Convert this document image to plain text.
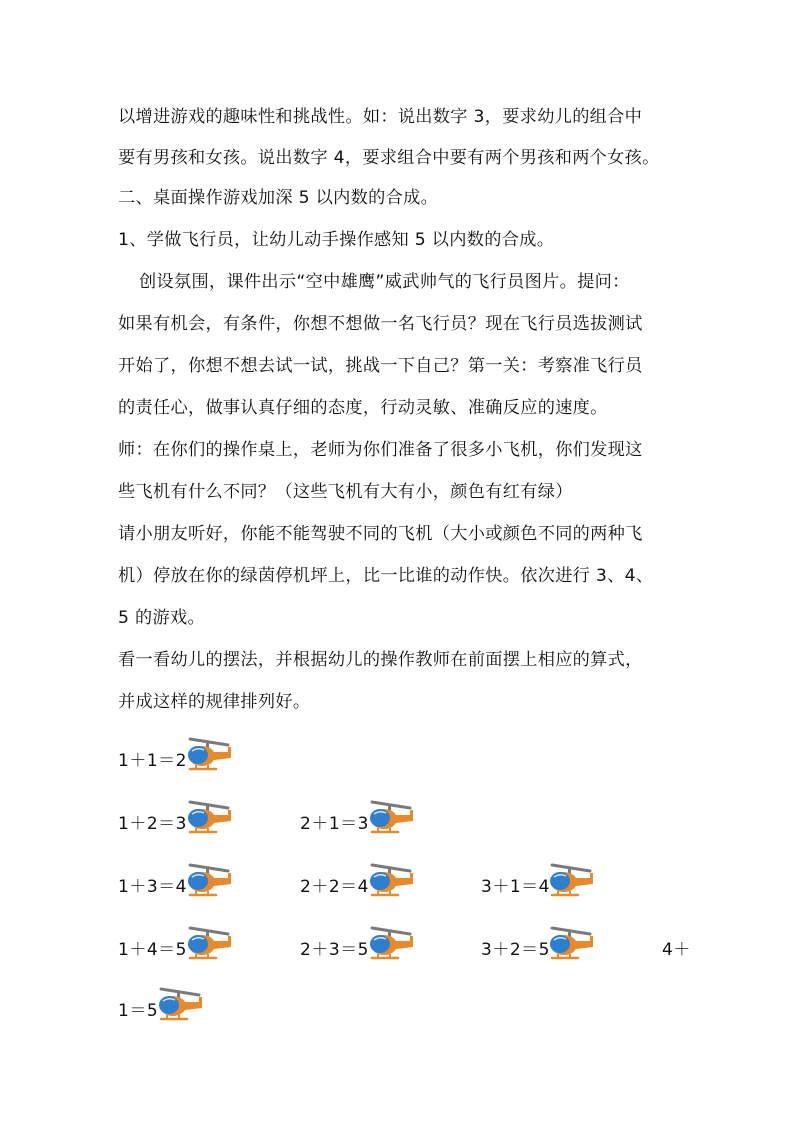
以增进游戏的趣味性和挑战性。如：说出数字 3，要求幼儿的组合中
要有男孩和女孩。说出数字 4，要求组合中要有两个男孩和两个女孩。
二、桌面操作游戏加深 5 以内数的合成。
1、学做飞行员，让幼儿动手操作感知 5 以内数的合成。
创设氛围，课件出示“空中雄鹰”威武帅气的飞行员图片。提问：
如果有机会，有条件，你想不想做一名飞行员？现在飞行员选拔测试
开始了，你想不想去试一试，挑战一下自己？第一关：考察准飞行员
的责任心，做事认真仔细的态度，行动灵敏、准确反应的速度。
师：在你们的操作桌上，老师为你们准备了很多小飞机，你们发现这
些飞机有什么不同？（这些飞机有大有小，颜色有红有绿）
请小朋友听好，你能不能驾驶不同的飞机（大小或颜色不同的两种飞
机）停放在你的绿茵停机坪上，比一比谁的动作快。依次进行 3、4、
5 的游戏。
看一看幼儿的摆法，并根据幼儿的操作教师在前面摆上相应的算式，
并成这样的规律排列好。
1＋1＝2
1＋2＝3	2＋1＝3
1＋3＝4	2＋2＝4	3＋1＝4
1＋4＝5	2＋3＝5	3＋2＝5	4＋
1＝5
